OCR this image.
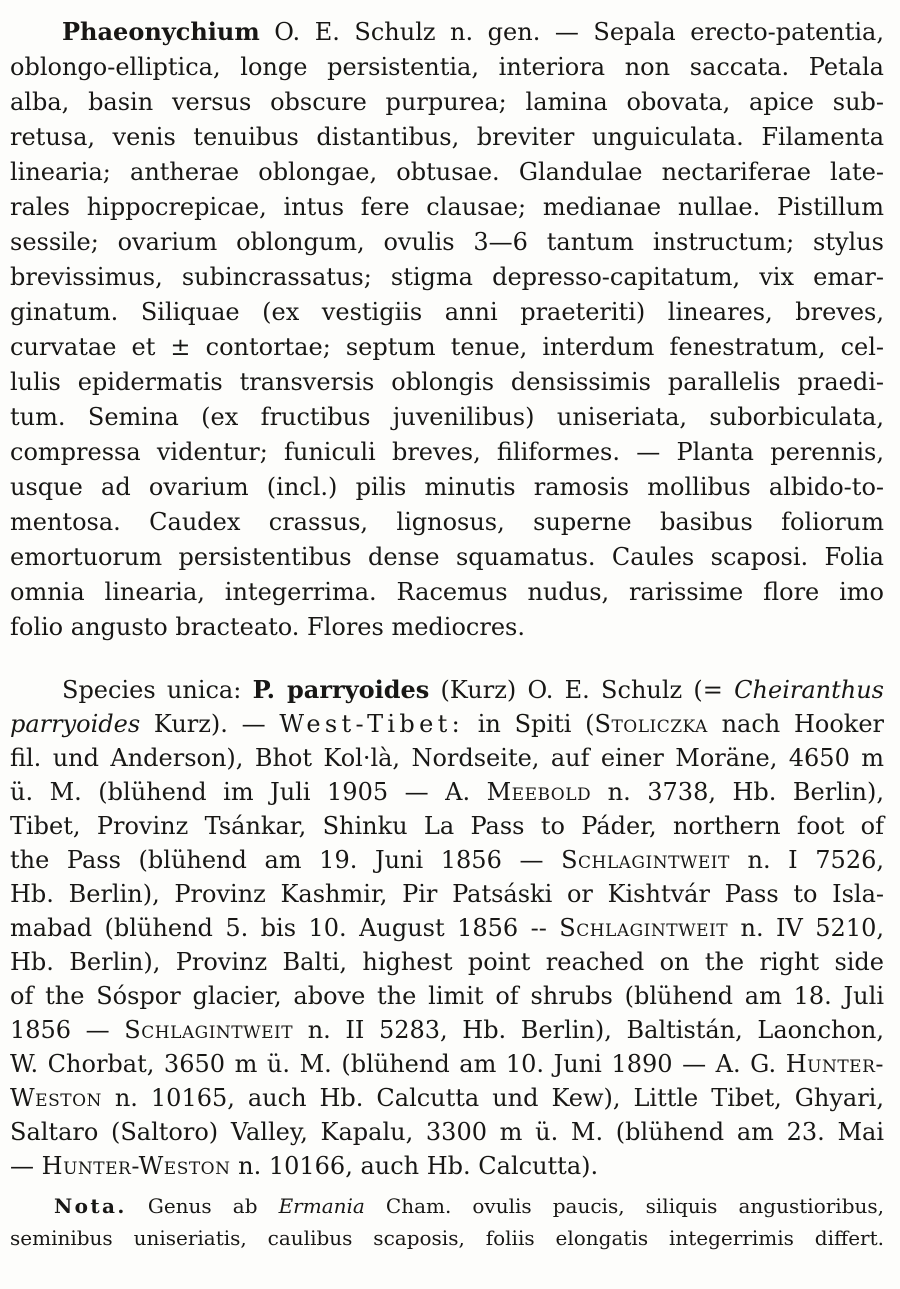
Phaeonychium O. E. Schulz n. gen. — Sepala erecto-patentia,
oblongo-elliptica, longe persistentia, interiora non saccata. Petala
alba, basin versus obscure purpurea; lamina obovata, apice sub-
retusa, venis tenuibus distantibus, breviter unguiculata. Filamenta
linearia; antherae oblongae, obtusae. Glandulae nectariferae late-
rales hippocrepicae, intus fere clausae; medianae nullae. Pistillum
sessile; ovarium oblongum, ovulis 3—6 tantum instructum; stylus
brevissimus, subincrassatus; stigma depresso-capitatum, vix emar-
ginatum. Siliquae (ex vestigiis anni praeteriti) lineares, breves,
curvatae et ± contortae; septum tenue, interdum fenestratum, cel-
lulis epidermatis transversis oblongis densissimis parallelis praedi-
tum. Semina (ex fructibus juvenilibus) uniseriata, suborbiculata,
compressa videntur; funiculi breves, filiformes. — Planta perennis,
usque ad ovarium (incl.) pilis minutis ramosis mollibus albido-to-
mentosa. Caudex crassus, lignosus, superne basibus foliorum
emortuorum persistentibus dense squamatus. Caules scaposi. Folia
omnia linearia, integerrima. Racemus nudus, rarissime flore imo
folio angusto bracteato. Flores mediocres.
Species unica: P. parryoides (Kurz) O. E. Schulz (= Cheiranthus
parryoides Kurz). — West-Tibet: in Spiti (Stoliczka nach Hooker
fil. und Anderson), Bhot Kol·là, Nordseite, auf einer Moräne, 4650 m
ü. M. (blühend im Juli 1905 — A. Meebold n. 3738, Hb. Berlin),
Tibet, Provinz Tsánkar, Shinku La Pass to Páder, northern foot of
the Pass (blühend am 19. Juni 1856 — Schlagintweit n. I 7526,
Hb. Berlin), Provinz Kashmir, Pir Patsáski or Kishtvár Pass to Isla-
mabad (blühend 5. bis 10. August 1856 -- Schlagintweit n. IV 5210,
Hb. Berlin), Provinz Balti, highest point reached on the right side
of the Sóspor glacier, above the limit of shrubs (blühend am 18. Juli
1856 — Schlagintweit n. II 5283, Hb. Berlin), Baltistán, Laonchon,
W. Chorbat, 3650 m ü. M. (blühend am 10. Juni 1890 — A. G. Hunter-
Weston n. 10165, auch Hb. Calcutta und Kew), Little Tibet, Ghyari,
Saltaro (Saltoro) Valley, Kapalu, 3300 m ü. M. (blühend am 23. Mai
— Hunter-Weston n. 10166, auch Hb. Calcutta).
Nota. Genus ab Ermania Cham. ovulis paucis, siliquis angustioribus,
seminibus uniseriatis, caulibus scaposis, foliis elongatis integerrimis differt.
